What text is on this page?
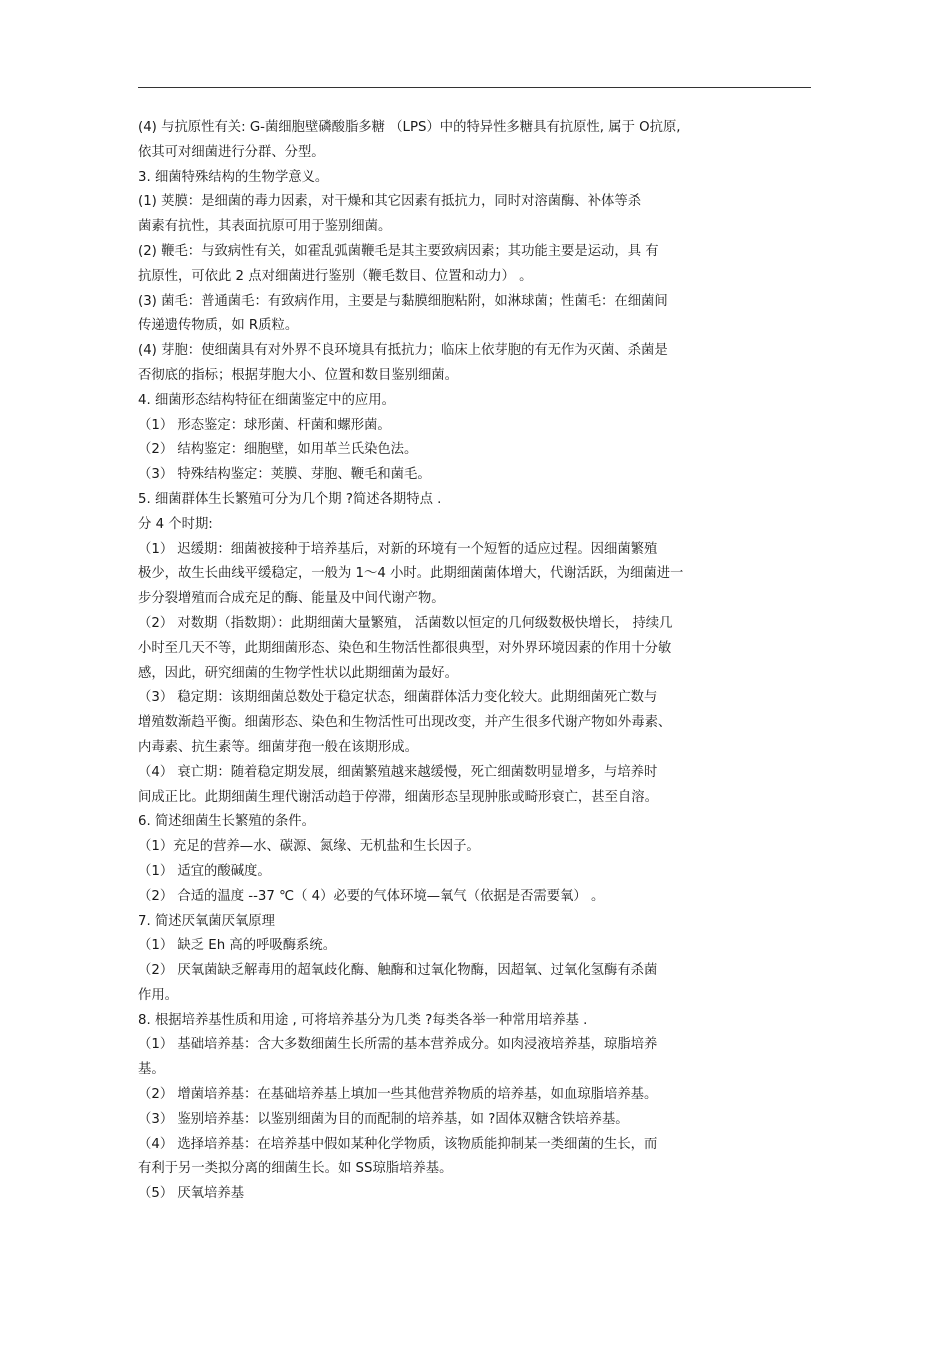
(4) 与抗原性有关: G-菌细胞壁磷酸脂多糖 （LPS）中的特异性多糖具有抗原性, 属于 O抗原,
依其可对细菌进行分群、分型。
3. 细菌特殊结构的生物学意义。
(1) 荚膜：是细菌的毒力因素，对干燥和其它因素有抵抗力，同时对溶菌酶、补体等杀
菌素有抗性，其表面抗原可用于鉴别细菌。
(2) 鞭毛：与致病性有关，如霍乱弧菌鞭毛是其主要致病因素；其功能主要是运动，具 有
抗原性，可依此 2 点对细菌进行鉴别（鞭毛数目、位置和动力） 。
(3) 菌毛：普通菌毛：有致病作用，主要是与黏膜细胞粘附，如淋球菌；性菌毛：在细菌间
传递遗传物质，如 R质粒。
(4) 芽胞：使细菌具有对外界不良环境具有抵抗力；临床上依芽胞的有无作为灭菌、杀菌是
否彻底的指标；根据芽胞大小、位置和数目鉴别细菌。
4. 细菌形态结构特征在细菌鉴定中的应用。
（1） 形态鉴定：球形菌、杆菌和螺形菌。
（2） 结构鉴定：细胞壁，如用革兰氏染色法。
（3） 特殊结构鉴定：荚膜、芽胞、鞭毛和菌毛。
5. 细菌群体生长繁殖可分为几个期 ?简述各期特点 .
分 4 个时期:
（1） 迟缓期：细菌被接种于培养基后，对新的环境有一个短暂的适应过程。因细菌繁殖
极少，故生长曲线平缓稳定，一般为 1～4 小时。此期细菌菌体增大，代谢活跃，为细菌进一
步分裂增殖而合成充足的酶、能量及中间代谢产物。
（2） 对数期（指数期）：此期细菌大量繁殖， 活菌数以恒定的几何级数极快增长， 持续几
小时至几天不等，此期细菌形态、染色和生物活性都很典型，对外界环境因素的作用十分敏
感，因此，研究细菌的生物学性状以此期细菌为最好。
（3） 稳定期：该期细菌总数处于稳定状态，细菌群体活力变化较大。此期细菌死亡数与
增殖数渐趋平衡。细菌形态、染色和生物活性可出现改变，并产生很多代谢产物如外毒素、
内毒素、抗生素等。细菌芽孢一般在该期形成。
（4） 衰亡期：随着稳定期发展，细菌繁殖越来越缓慢，死亡细菌数明显增多，与培养时
间成正比。此期细菌生理代谢活动趋于停滞，细菌形态呈现肿胀或畸形衰亡，甚至自溶。
6. 简述细菌生长繁殖的条件。
（1）充足的营养—水、碳源、氮缘、无机盐和生长因子。
（1） 适宜的酸碱度。
（2） 合适的温度 --37 ℃（ 4）必要的气体环境—氧气（依据是否需要氧） 。
7. 简述厌氧菌厌氧原理
（1） 缺乏 Eh 高的呼吸酶系统。
（2） 厌氧菌缺乏解毒用的超氧歧化酶、触酶和过氧化物酶，因超氧、过氧化氢酶有杀菌
作用。
8. 根据培养基性质和用途 , 可将培养基分为几类 ?每类各举一种常用培养基 .
（1） 基础培养基：含大多数细菌生长所需的基本营养成分。如肉浸液培养基，琼脂培养
基。
（2） 增菌培养基：在基础培养基上填加一些其他营养物质的培养基，如血琼脂培养基。
（3） 鉴别培养基：以鉴别细菌为目的而配制的培养基，如 ?固体双糖含铁培养基。
（4） 选择培养基：在培养基中假如某种化学物质，该物质能抑制某一类细菌的生长，而
有利于另一类拟分离的细菌生长。如 SS琼脂培养基。
（5） 厌氧培养基
